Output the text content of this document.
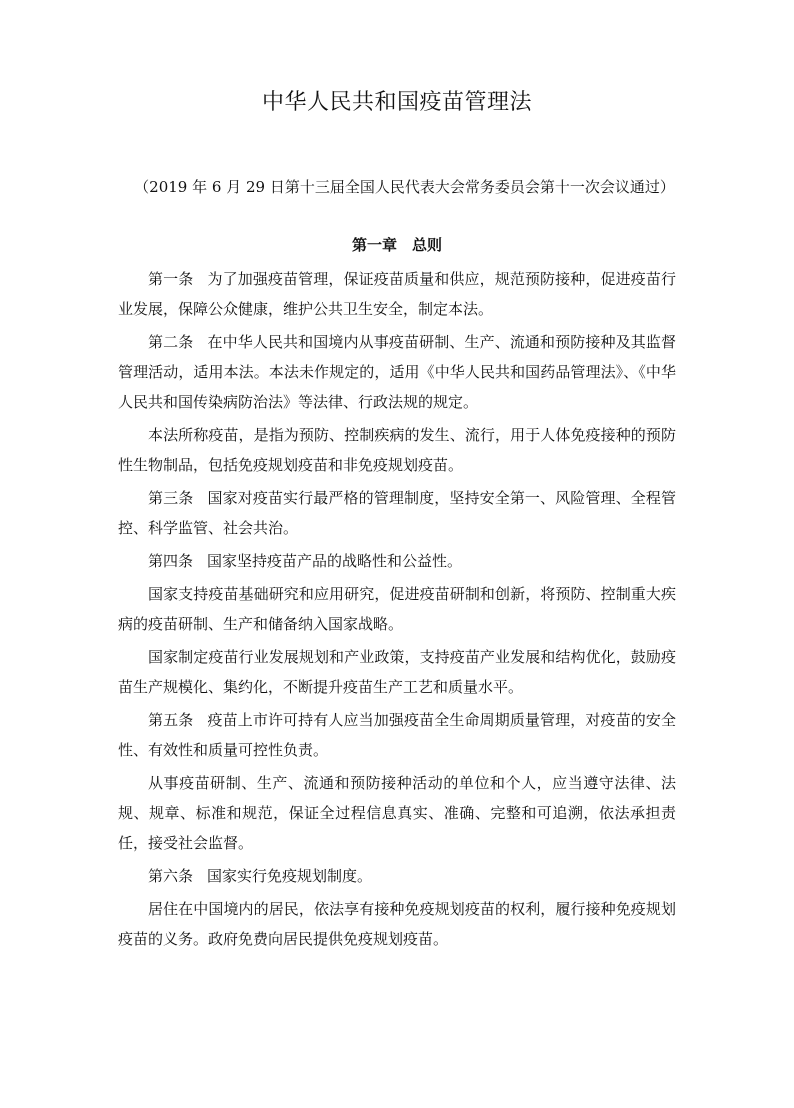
中华人民共和国疫苗管理法

（2019 年 6 月 29 日第十三届全国人民代表大会常务委员会第十一次会议通过）

第一章　总则

第一条 为了加强疫苗管理，保证疫苗质量和供应，规范预防接种，促进疫苗行业发展，保障公众健康，维护公共卫生安全，制定本法。

第二条 在中华人民共和国境内从事疫苗研制、生产、流通和预防接种及其监督管理活动，适用本法。本法未作规定的，适用《中华人民共和国药品管理法》、《中华人民共和国传染病防治法》等法律、行政法规的规定。

本法所称疫苗，是指为预防、控制疾病的发生、流行，用于人体免疫接种的预防性生物制品，包括免疫规划疫苗和非免疫规划疫苗。

第三条 国家对疫苗实行最严格的管理制度，坚持安全第一、风险管理、全程管控、科学监管、社会共治。

第四条 国家坚持疫苗产品的战略性和公益性。

国家支持疫苗基础研究和应用研究，促进疫苗研制和创新，将预防、控制重大疾病的疫苗研制、生产和储备纳入国家战略。

国家制定疫苗行业发展规划和产业政策，支持疫苗产业发展和结构优化，鼓励疫苗生产规模化、集约化，不断提升疫苗生产工艺和质量水平。

第五条 疫苗上市许可持有人应当加强疫苗全生命周期质量管理，对疫苗的安全性、有效性和质量可控性负责。

从事疫苗研制、生产、流通和预防接种活动的单位和个人，应当遵守法律、法规、规章、标准和规范，保证全过程信息真实、准确、完整和可追溯，依法承担责任，接受社会监督。

第六条 国家实行免疫规划制度。

居住在中国境内的居民，依法享有接种免疫规划疫苗的权利，履行接种免疫规划疫苗的义务。政府免费向居民提供免疫规划疫苗。
